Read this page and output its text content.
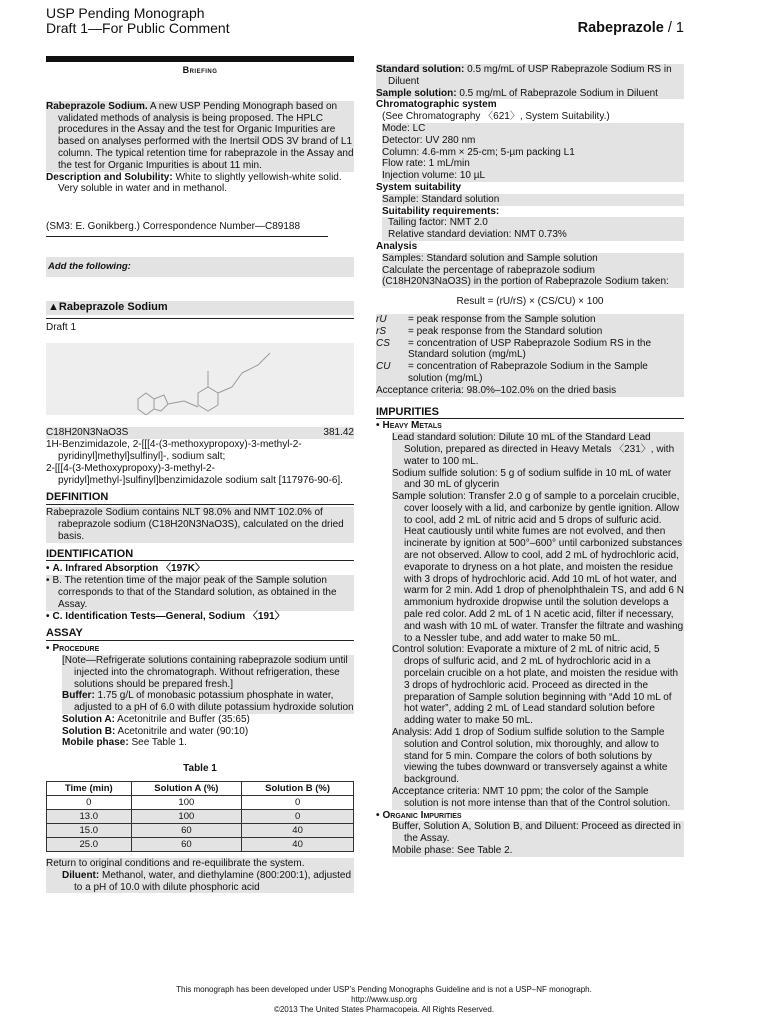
USP Pending Monograph
Draft 1—For Public Comment	Rabeprazole / 1
Briefing

Rabeprazole Sodium. A new USP Pending Monograph based on validated methods of analysis is being proposed. The HPLC procedures in the Assay and the test for Organic Impurities are based on analyses performed with the Inertsil ODS 3V brand of L1 column. The typical retention time for rabeprazole in the Assay and the test for Organic Impurities is about 11 min.

Description and Solubility: White to slightly yellowish-white solid. Very soluble in water and in methanol.

(SM3: E. Gonikberg.) Correspondence Number—C89188

Add the following:
▲Rabeprazole Sodium

Draft 1

C18H20N3NaO3S	381.42

1H-Benzimidazole, 2-[[[4-(3-methoxypropoxy)-3-methyl-2-pyridinyl]methyl]sulfinyl]-, sodium salt;

2-[[[4-(3-Methoxypropoxy)-3-methyl-2-pyridyl]methyl-]sulfinyl]benzimidazole sodium salt [117976-90-6].

DEFINITION

Rabeprazole Sodium contains NLT 98.0% and NMT 102.0% of rabeprazole sodium (C18H20N3NaO3S), calculated on the dried basis.

IDENTIFICATION

• A. Infrared Absorption 〈197K〉

• B. The retention time of the major peak of the Sample solution corresponds to that of the Standard solution, as obtained in the Assay.

• C. Identification Tests—General, Sodium 〈191〉

ASSAY

• Procedure

[Note—Refrigerate solutions containing rabeprazole sodium until injected into the chromatograph. Without refrigeration, these solutions should be prepared fresh.]

Buffer: 1.75 g/L of monobasic potassium phosphate in water, adjusted to a pH of 6.0 with dilute potassium hydroxide solution

Solution A: Acetonitrile and Buffer (35:65)

Solution B: Acetonitrile and water (90:10)

Mobile phase: See Table 1.

Table 1
Time (min)	Solution A (%)	Solution B (%)
0	100	0
13.0	100	0
15.0	60	40
25.0	60	40

Return to original conditions and re-equilibrate the system.

Diluent: Methanol, water, and diethylamine (800:200:1), adjusted to a pH of 10.0 with dilute phosphoric acid

Standard solution: 0.5 mg/mL of USP Rabeprazole Sodium RS in Diluent

Sample solution: 0.5 mg/mL of Rabeprazole Sodium in Diluent

Chromatographic system

(See Chromatography 〈621〉, System Suitability.)

Mode: LC

Detector: UV 280 nm

Column: 4.6-mm × 25-cm; 5-µm packing L1

Flow rate: 1 mL/min

Injection volume: 10 µL

System suitability

Sample: Standard solution

Suitability requirements:

Tailing factor: NMT 2.0

Relative standard deviation: NMT 0.73%

Analysis

Samples: Standard solution and Sample solution

Calculate the percentage of rabeprazole sodium (C18H20N3NaO3S) in the portion of Rabeprazole Sodium taken:

Result = (rU/rS) × (CS/CU) × 100
rU	= peak response from the Sample solution
rS	= peak response from the Standard solution
CS	= concentration of USP Rabeprazole Sodium RS in the Standard solution (mg/mL)
CU	= concentration of Rabeprazole Sodium in the Sample solution (mg/mL)

Acceptance criteria: 98.0%–102.0% on the dried basis

IMPURITIES

• Heavy Metals

Lead standard solution: Dilute 10 mL of the Standard Lead Solution, prepared as directed in Heavy Metals 〈231〉, with water to 100 mL.

Sodium sulfide solution: 5 g of sodium sulfide in 10 mL of water and 30 mL of glycerin

Sample solution: Transfer 2.0 g of sample to a porcelain crucible, cover loosely with a lid, and carbonize by gentle ignition. Allow to cool, add 2 mL of nitric acid and 5 drops of sulfuric acid. Heat cautiously until white fumes are not evolved, and then incinerate by ignition at 500°–600° until carbonized substances are not observed. Allow to cool, add 2 mL of hydrochloric acid, evaporate to dryness on a hot plate, and moisten the residue with 3 drops of hydrochloric acid. Add 10 mL of hot water, and warm for 2 min. Add 1 drop of phenolphthalein TS, and add 6 N ammonium hydroxide dropwise until the solution develops a pale red color. Add 2 mL of 1 N acetic acid, filter if necessary, and wash with 10 mL of water. Transfer the filtrate and washing to a Nessler tube, and add water to make 50 mL.

Control solution: Evaporate a mixture of 2 mL of nitric acid, 5 drops of sulfuric acid, and 2 mL of hydrochloric acid in a porcelain crucible on a hot plate, and moisten the residue with 3 drops of hydrochloric acid. Proceed as directed in the preparation of Sample solution beginning with “Add 10 mL of hot water”, adding 2 mL of Lead standard solution before adding water to make 50 mL.

Analysis: Add 1 drop of Sodium sulfide solution to the Sample solution and Control solution, mix thoroughly, and allow to stand for 5 min. Compare the colors of both solutions by viewing the tubes downward or transversely against a white background.

Acceptance criteria: NMT 10 ppm; the color of the Sample solution is not more intense than that of the Control solution.

• Organic Impurities

Buffer, Solution A, Solution B, and Diluent: Proceed as directed in the Assay.

Mobile phase: See Table 2.

This monograph has been developed under USP’s Pending Monographs Guideline and is not a USP–NF monograph.
http://www.usp.org
©2013 The United States Pharmacopeia. All Rights Reserved.
